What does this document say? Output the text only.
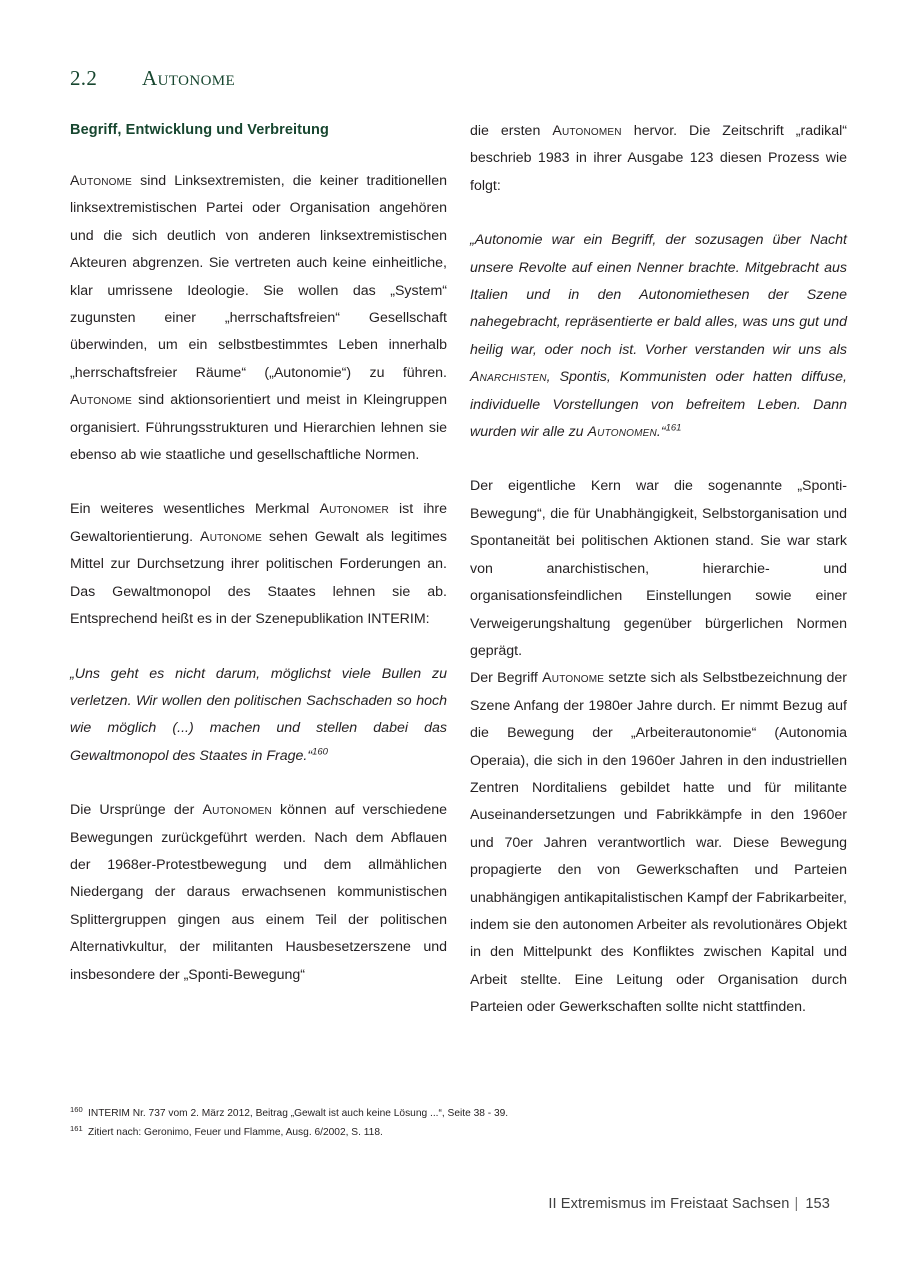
2.2	Autonome
Begriff, Entwicklung und Verbreitung

Autonome sind Linksextremisten, die keiner traditionellen linksextremistischen Partei oder Organisation angehören und die sich deutlich von anderen linksextremistischen Akteuren abgrenzen. Sie vertreten auch keine einheitliche, klar umrissene Ideologie. Sie wollen das „System“ zugunsten einer „herrschaftsfreien“ Gesellschaft überwinden, um ein selbstbestimmtes Leben innerhalb „herrschaftsfreier Räume“ („Autonomie“) zu führen. Autonome sind aktionsorientiert und meist in Kleingruppen organisiert. Führungsstrukturen und Hierarchien lehnen sie ebenso ab wie staatliche und gesellschaftliche Normen.

Ein weiteres wesentliches Merkmal Autonomer ist ihre Gewaltorientierung. Autonome sehen Gewalt als legitimes Mittel zur Durchsetzung ihrer politischen Forderungen an. Das Gewaltmonopol des Staates lehnen sie ab. Entsprechend heißt es in der Szenepublikation INTERIM:

„Uns geht es nicht darum, möglichst viele Bullen zu verletzen. Wir wollen den politischen Sachschaden so hoch wie möglich (...) machen und stellen dabei das Gewaltmonopol des Staates in Frage.“$^{160}$

Die Ursprünge der Autonomen können auf verschiedene Bewegungen zurückgeführt werden. Nach dem Abflauen der 1968er-Protestbewegung und dem allmählichen Niedergang der daraus erwachsenen kommunistischen Splittergruppen gingen aus einem Teil der politischen Alternativkultur, der militanten Hausbesetzerszene und insbesondere der „Sponti-Bewegung“

die ersten Autonomen hervor. Die Zeitschrift „radikal“ beschrieb 1983 in ihrer Ausgabe 123 diesen Prozess wie folgt:

„Autonomie war ein Begriff, der sozusagen über Nacht unsere Revolte auf einen Nenner brachte. Mitgebracht aus Italien und in den Autonomiethesen der Szene nahegebracht, repräsentierte er bald alles, was uns gut und heilig war, oder noch ist. Vorher verstanden wir uns als Anarchisten, Spontis, Kommunisten oder hatten diffuse, individuelle Vorstellungen von befreitem Leben. Dann wurden wir alle zu Autonomen.“$^{161}$

Der eigentliche Kern war die sogenannte „Sponti-Bewegung“, die für Unabhängigkeit, Selbstorganisation und Spontaneität bei politischen Aktionen stand. Sie war stark von anarchistischen, hierarchie- und organisationsfeindlichen Einstellungen sowie einer Verweigerungshaltung gegenüber bürgerlichen Normen geprägt.

Der Begriff Autonome setzte sich als Selbstbezeichnung der Szene Anfang der 1980er Jahre durch. Er nimmt Bezug auf die Bewegung der „Arbeiterautonomie“ (Autonomia Operaia), die sich in den 1960er Jahren in den industriellen Zentren Norditaliens gebildet hatte und für militante Auseinandersetzungen und Fabrikkämpfe in den 1960er und 70er Jahren verantwortlich war. Diese Bewegung propagierte den von Gewerkschaften und Parteien unabhängigen antikapitalistischen Kampf der Fabrikarbeiter, indem sie den autonomen Arbeiter als revolutionäres Objekt in den Mittelpunkt des Konfliktes zwischen Kapital und Arbeit stellte. Eine Leitung oder Organisation durch Parteien oder Gewerkschaften sollte nicht stattfinden.

160 INTERIM Nr. 737 vom 2. März 2012, Beitrag „Gewalt ist auch keine Lösung ...“, Seite 38 - 39.
161 Zitiert nach: Geronimo, Feuer und Flamme, Ausg. 6/2002, S. 118.
II Extremismus im Freistaat Sachsen | 153
